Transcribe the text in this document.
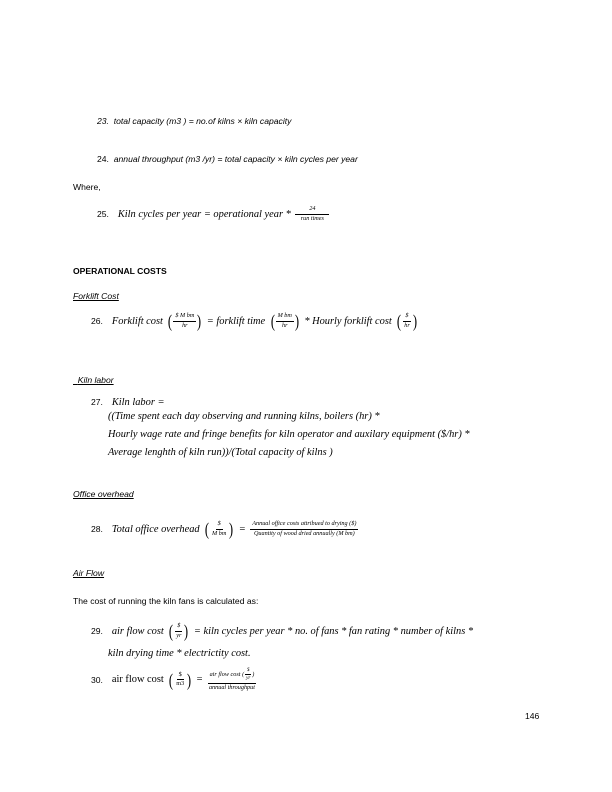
23. total capacity (m3 ) = no.of kilns × kiln capacity
24. annual throughput (m3 /yr) = total capacity × kiln cycles per year
Where,
25.
Kiln cycles per year = operational year *
$\frac{24}{\text{run times}}$
OPERATIONAL COSTS
Forklift Cost
26.
Forklift cost
( $\frac{\text{\$ M bm}}{hr}$ )
= forklift time
( $\frac{\text{M bm}}{hr}$ )
* Hourly forklift cost
( $\frac{\$}{hr}$ )
Kiln labor
27.
Kiln labor =
((Time spent each day observing and running kilns, boilers (hr) *
Hourly wage rate and fringe benefits for kiln operator and auxilary equipment ($/hr) *
Average lenghth of kiln run))/(Total capacity of kilns )
Office overhead
28.
Total office overhead
( $\frac{\$}{\text{M bm}}$ )
=
$\frac{\text{Annual office costs attribued to drying (\$)}}{\text{Quantity of wood dried annually (M bm)}}$
Air Flow
The cost of running the kiln fans is calculated as:
29.
air flow cost
( $\frac{\$}{yr}$ )
= kiln cycles per year * no. of fans * fan rating * number of kilns *
kiln drying time * electrictity cost.
30.
air flow cost
( $\frac{\$}{m3}$ )
=
$\frac{air flow \cos t ( \frac{\$}{yr} )}{\text{annual throughput}}$
146
